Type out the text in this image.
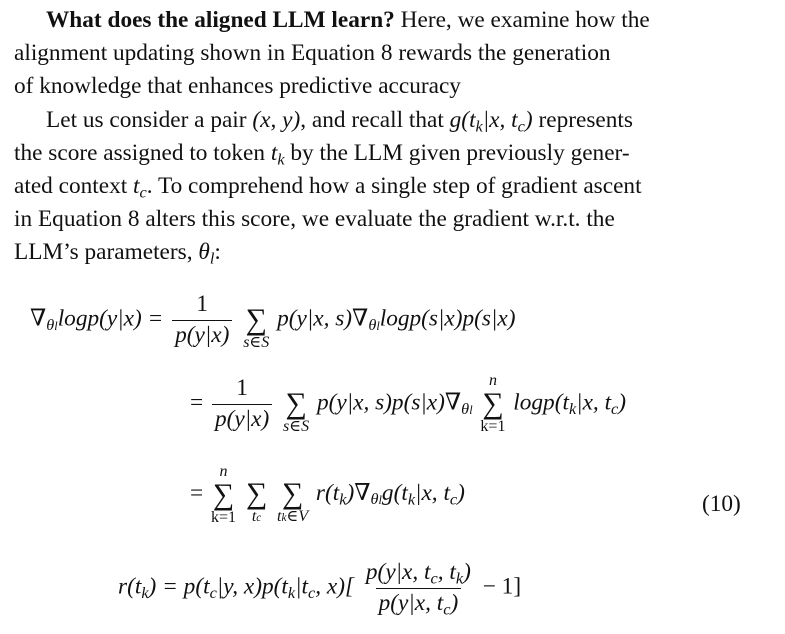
What does the aligned LLM learn? Here, we examine how the
alignment updating shown in Equation 8 rewards the generation
of knowledge that enhances predictive accuracy
Let us consider a pair (x, y), and recall that $g(t_k|x$, $t_c$) represents
the score assigned to token $t_k$ by the LLM given previously gener-
ated context $t_c$. To comprehend how a single step of gradient ascent
in Equation 8 alters this score, we evaluate the gradient w.r.t. the
LLM’s parameters, $\theta_l$:
$\nabla_{\theta l}\log p(y|x) = \frac{1}{p(y|x)}$
∑
s∈S
p(y|x, $s)\nabla_{\theta l}\log p(s|x)p(s|x)$
= $\frac{1}{p(y|x)}$
∑
s∈S
p(y|x, $s)p(s|x)\nabla_{\theta l}$
n
∑
k=1
$\log p(t_k|x$, $t_c$)
=
n
∑
k=1

∑
tc

∑
tk∈V
$r(t_k)\nabla_{\theta l}g(t_k|x$, $t_c$)	(10)
$r(t_k) = p(t_c|y$, $x)p(t_k|t_c$, $x)[ \frac{p(y|x, t_c, t_k)}{p(y|x, t_c)} - 1]$
